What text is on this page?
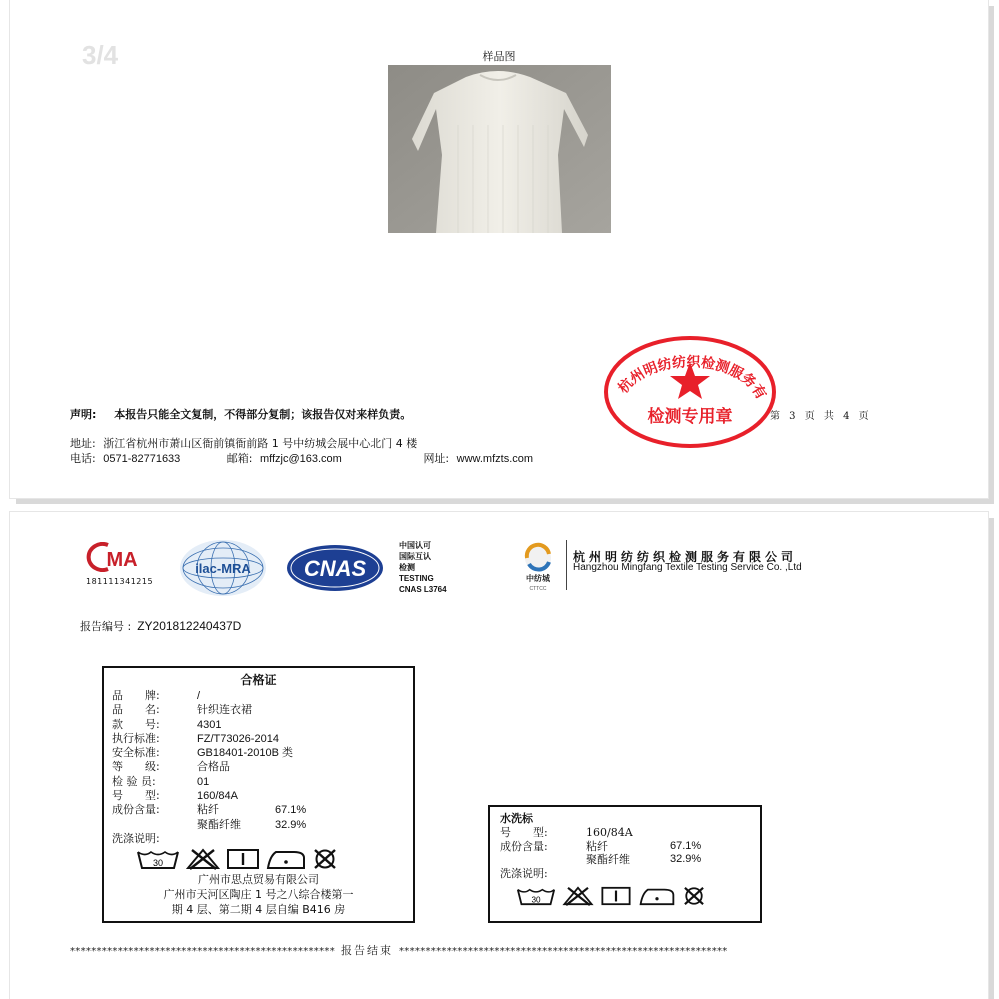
3/4	样品图
杭州明纺纺织检测服务有
检测专用章
声明: 本报告只能全文复制，不得部分复制；该报告仅对来样负责。	第 3 页 共 4 页
地址: 浙江省杭州市萧山区衙前镇衙前路 1 号中纺城会展中心北门 4 楼
电话: 0571-82771633	邮箱: mffzjc@163.com	网址: www.mfzts.com
MA
181111341215
ilac-MRA CNAS
中国认可
国际互认
检测
TESTING
CNAS L3764
中纺城
CTTCC
杭州明纺纺织检测服务有限公司
Hangzhou Mingfang Textile Testing Service Co. ,Ltd
报告编号 : ZY201812240437D
合格证
品　　牌:	/
品　　名:	针织连衣裙
款　　号:	4301
执行标准:	FZ/T73026-2014
安全标准:	GB18401-2010B 类
等　　级:	合格品
检 验 员:	01
号　　型:	160/84A
成份含量:	粘纤	67.1%
聚酯纤维	32.9%
洗涤说明:
30
广州市思点贸易有限公司
广州市天河区陶庄 1 号之八综合楼第一
期 4 层、第二期 4 层自编 B416 房
水洗标
号　　型:	160/84A
成份含量:	粘纤	67.1%
聚酯纤维	32.9%
洗涤说明:
30
************************************************** 报告结束 **************************************************************
